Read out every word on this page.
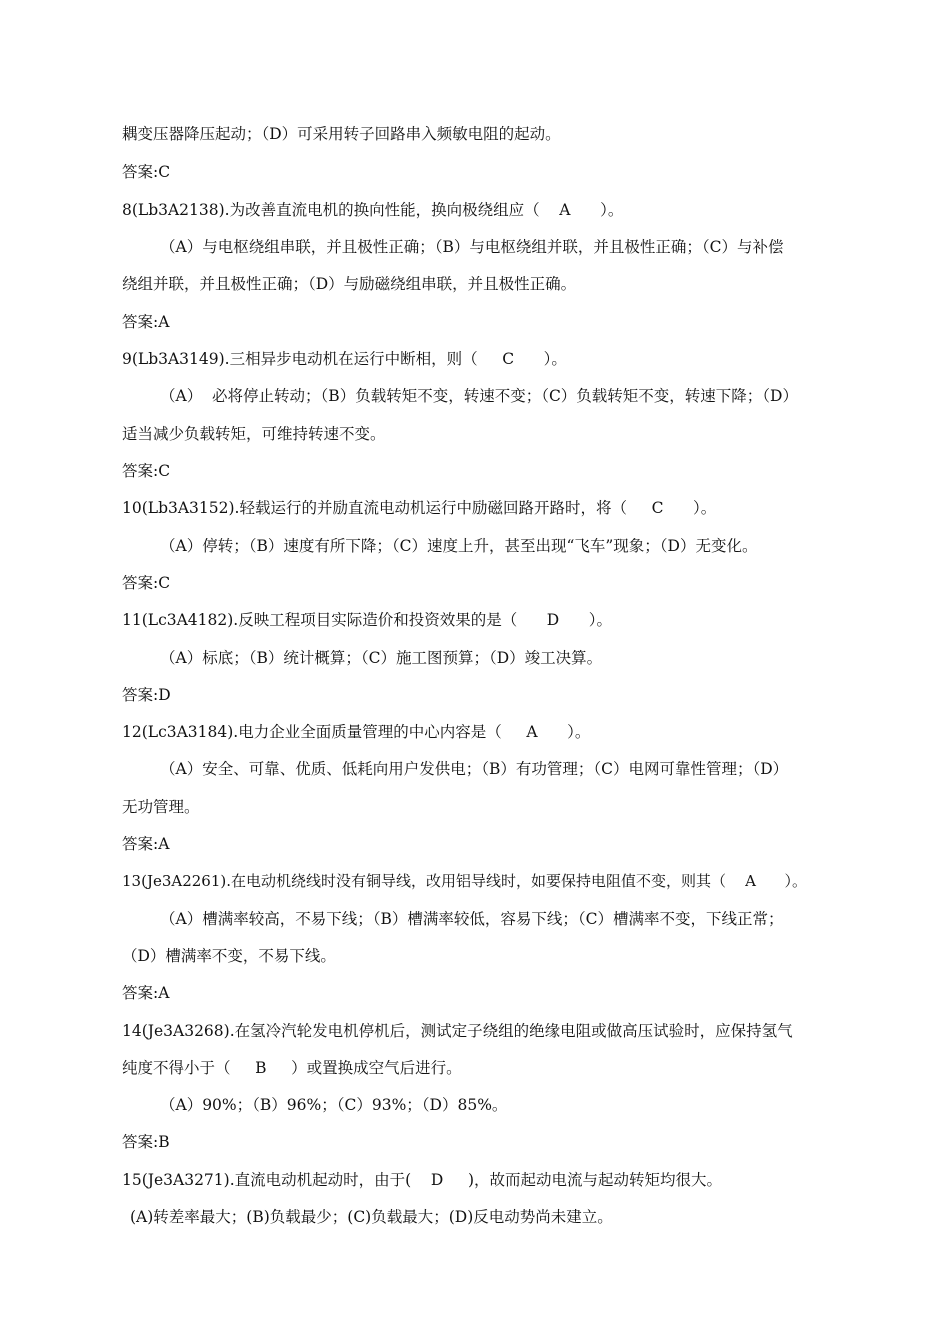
耦变压器降压起动；（D）可采用转子回路串入频敏电阻的起动。
答案:C
8(Lb3A2138).为改善直流电机的换向性能，换向极绕组应（    A      ）。
（A）与电枢绕组串联，并且极性正确；（B）与电枢绕组并联，并且极性正确；（C）与补偿
绕组并联，并且极性正确；（D）与励磁绕组串联，并且极性正确。
答案:A
9(Lb3A3149).三相异步电动机在运行中断相，则（     C      ）。
（A）  必将停止转动；（B）负载转矩不变，转速不变；（C）负载转矩不变，转速下降；（D）
适当减少负载转矩，可维持转速不变。
答案:C
10(Lb3A3152).轻载运行的并励直流电动机运行中励磁回路开路时，将（     C      ）。
（A）停转；（B）速度有所下降；（C）速度上升，甚至出现“飞车”现象；（D）无变化。
答案:C
11(Lc3A4182).反映工程项目实际造价和投资效果的是（      D      ）。
（A）标底；（B）统计概算；（C）施工图预算；（D）竣工决算。
答案:D
12(Lc3A3184).电力企业全面质量管理的中心内容是（     A      ）。
（A）安全、可靠、优质、低耗向用户发供电；（B）有功管理；（C）电网可靠性管理；（D）
无功管理。
答案:A
13(Je3A2261).在电动机绕线时没有铜导线，改用铝导线时，如要保持电阻值不变，则其（    A      ）。
（A）槽满率较高，不易下线；（B）槽满率较低，容易下线；（C）槽满率不变，下线正常；
（D）槽满率不变，不易下线。
答案:A
14(Je3A3268).在氢冷汽轮发电机停机后，测试定子绕组的绝缘电阻或做高压试验时，应保持氢气
纯度不得小于（     B     ）或置换成空气后进行。
（A）90%；（B）96%；（C）93%；（D）85%。
答案:B
15(Je3A3271).直流电动机起动时，由于(    D     )，故而起动电流与起动转矩均很大。
(A)转差率最大；(B)负载最少；(C)负载最大；(D)反电动势尚未建立。
